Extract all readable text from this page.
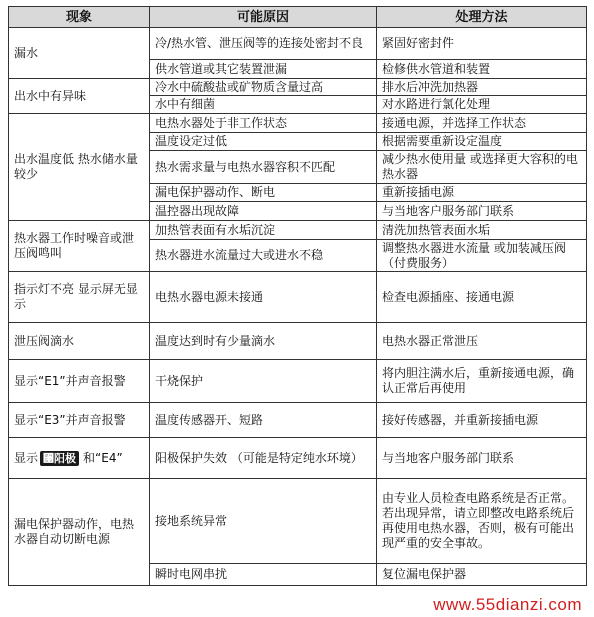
现象	可能原因	处理方法
漏水	冷/热水管、泄压阀等的连接处密封不良	紧固好密封件
	供水管道或其它装置泄漏	检修供水管道和装置
出水中有异味	冷水中硫酸盐或矿物质含量过高	排水后冲洗加热器
	水中有细菌	对水路进行氯化处理
出水温度低 热水储水量较少	电热水器处于非工作状态	接通电源，并选择工作状态
	温度设定过低	根据需要重新设定温度
	热水需求量与电热水器容积不匹配	减少热水使用量 或选择更大容积的电热水器
	漏电保护器动作、断电	重新接插电源
	温控器出现故障	与当地客户服务部门联系
热水器工作时噪音或泄压阀鸣叫	加热管表面有水垢沉淀	清洗加热管表面水垢
	热水器进水流量过大或进水不稳	调整热水器进水流量 或加装减压阀（付费服务）
指示灯不亮 显示屏无显示	电热水器电源未接通	检查电源插座、接通电源
泄压阀滴水	温度达到时有少量滴水	电热水器正常泄压
显示“E1”并声音报警	干烧保护	将内胆注满水后，重新接通电源，确认正常后再使用
显示“E3”并声音报警	温度传感器开、短路	接好传感器，并重新接插电源
显示 ⑙阳极 和“E4”	阳极保护失效 （可能是特定纯水环境）	与当地客户服务部门联系
漏电保护器动作，电热水器自动切断电源	接地系统异常	由专业人员检查电路系统是否正常。若出现异常，请立即整改电路系统后再使用电热水器，否则，极有可能出现严重的安全事故。
	瞬时电网串扰	复位漏电保护器
www.55dianzi.com
